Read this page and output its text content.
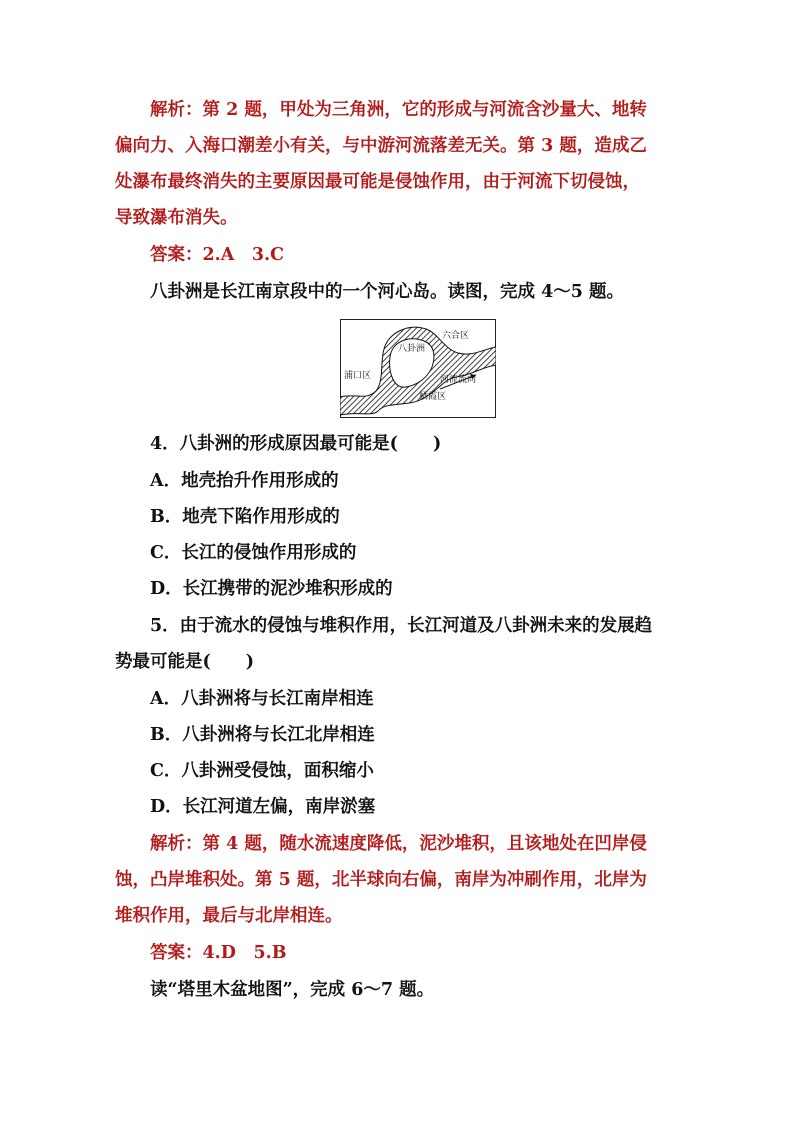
解析：第 2 题，甲处为三角洲，它的形成与河流含沙量大、地转

偏向力、入海口潮差小有关，与中游河流落差无关。第 3 题，造成乙

处瀑布最终消失的主要原因最可能是侵蚀作用，由于河流下切侵蚀，

导致瀑布消失。

答案：2.A　3.C

八卦洲是长江南京段中的一个河心岛。读图，完成 4～5 题。

八卦洲
六合区
浦口区	河流流向
栖霞区

4．八卦洲的形成原因最可能是(　　)

A．地壳抬升作用形成的

B．地壳下陷作用形成的

C．长江的侵蚀作用形成的

D．长江携带的泥沙堆积形成的

5．由于流水的侵蚀与堆积作用，长江河道及八卦洲未来的发展趋

势最可能是(　　)

A．八卦洲将与长江南岸相连

B．八卦洲将与长江北岸相连

C．八卦洲受侵蚀，面积缩小

D．长江河道左偏，南岸淤塞

解析：第 4 题，随水流速度降低，泥沙堆积，且该地处在凹岸侵

蚀，凸岸堆积处。第 5 题，北半球向右偏，南岸为冲刷作用，北岸为

堆积作用，最后与北岸相连。

答案：4.D　5.B

读“塔里木盆地图”，完成 6～7 题。
